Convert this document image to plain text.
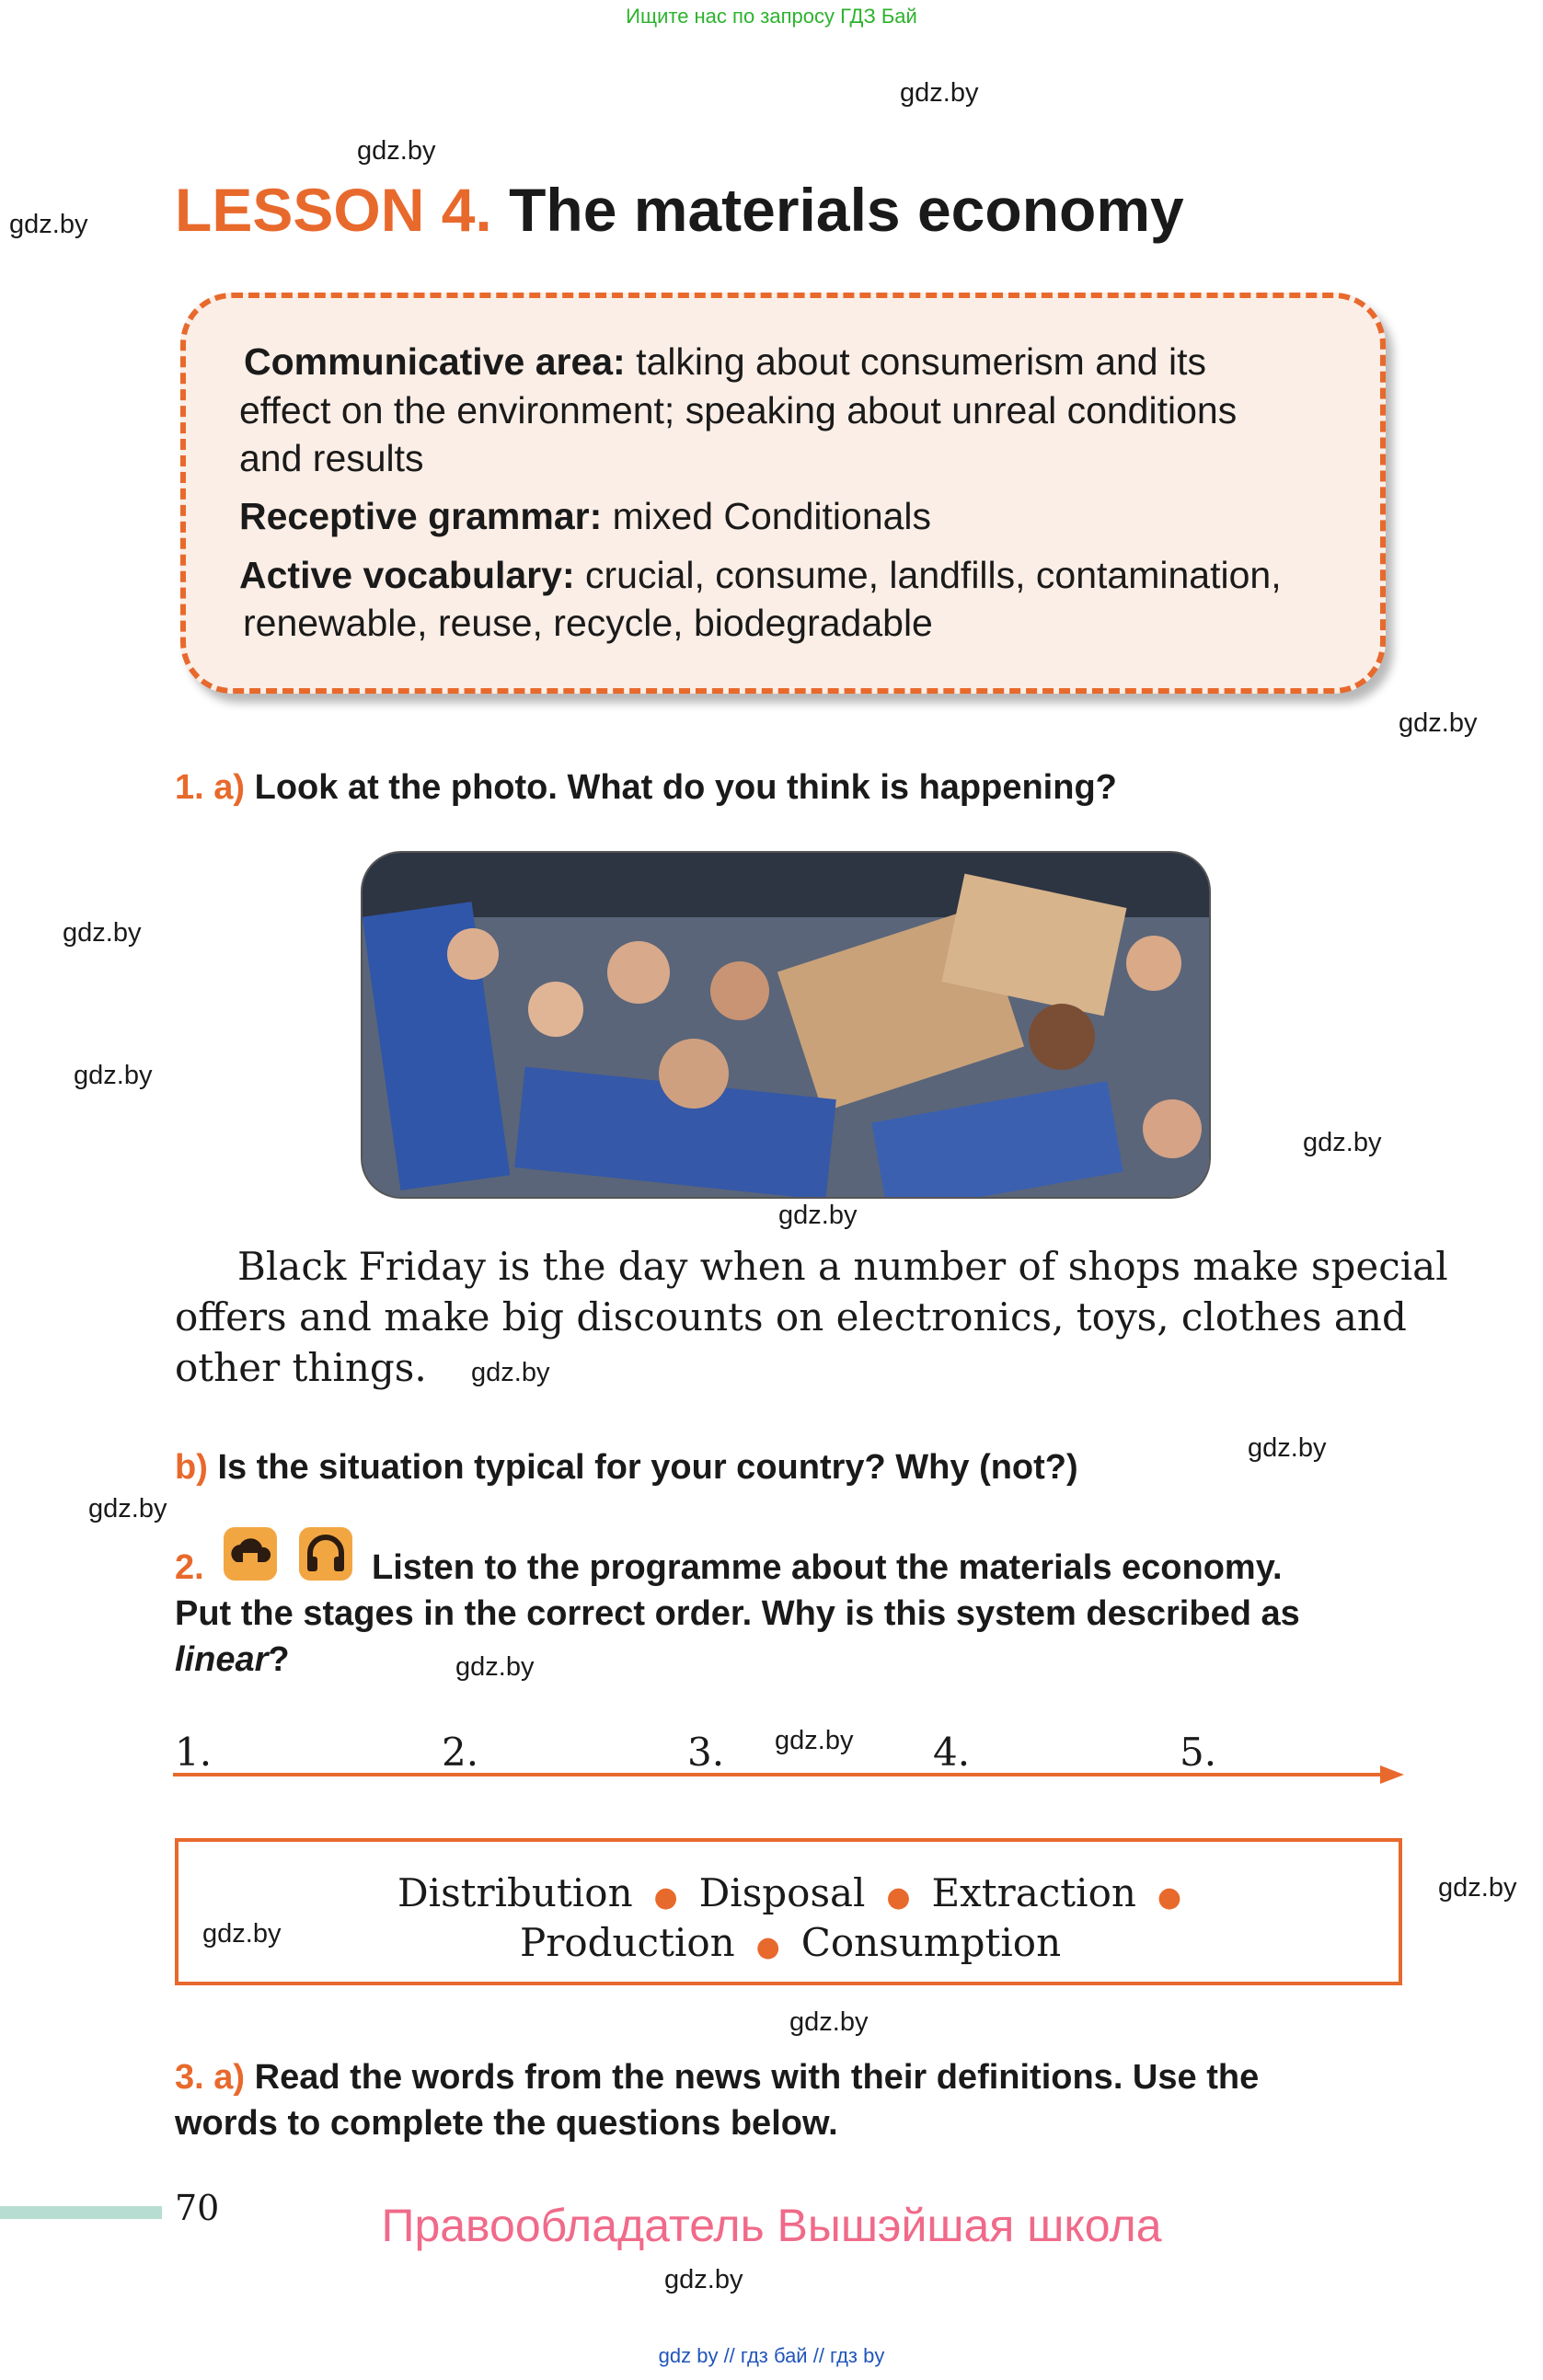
Ищите нас по запросу ГДЗ Бай
gdz.by
gdz.by
gdz.by
gdz.by
gdz.by
gdz.by
gdz.by
gdz.by
gdz.by
gdz.by
gdz.by
gdz.by
gdz.by
gdz.by
gdz.by
gdz.by
gdz.by
LESSON 4. The materials economy
Communicative area: talking about consumerism and its
effect on the environment; speaking about unreal conditions
and results
Receptive grammar: mixed Conditionals
Active vocabulary: crucial, consume, landfills, contamination,
renewable, reuse, recycle, biodegradable
1. a) Look at the photo. What do you think is happening?
Black Friday is the day when a number of shops make special
offers and make big discounts on electronics, toys, clothes and
other things.
b) Is the situation typical for your country? Why (not?)
2.	Listen to the programme about the materials economy.
Put the stages in the correct order. Why is this system described as
linear?
1.	2.	3.	4.	5.
Distribution  ●  Disposal  ●  Extraction  ●
Production  ●  Consumption
3. a) Read the words from the news with their definitions. Use the
words to complete the questions below.
70	Правообладатель Вышэйшая школа
gdz by // гдз бай // гдз by
